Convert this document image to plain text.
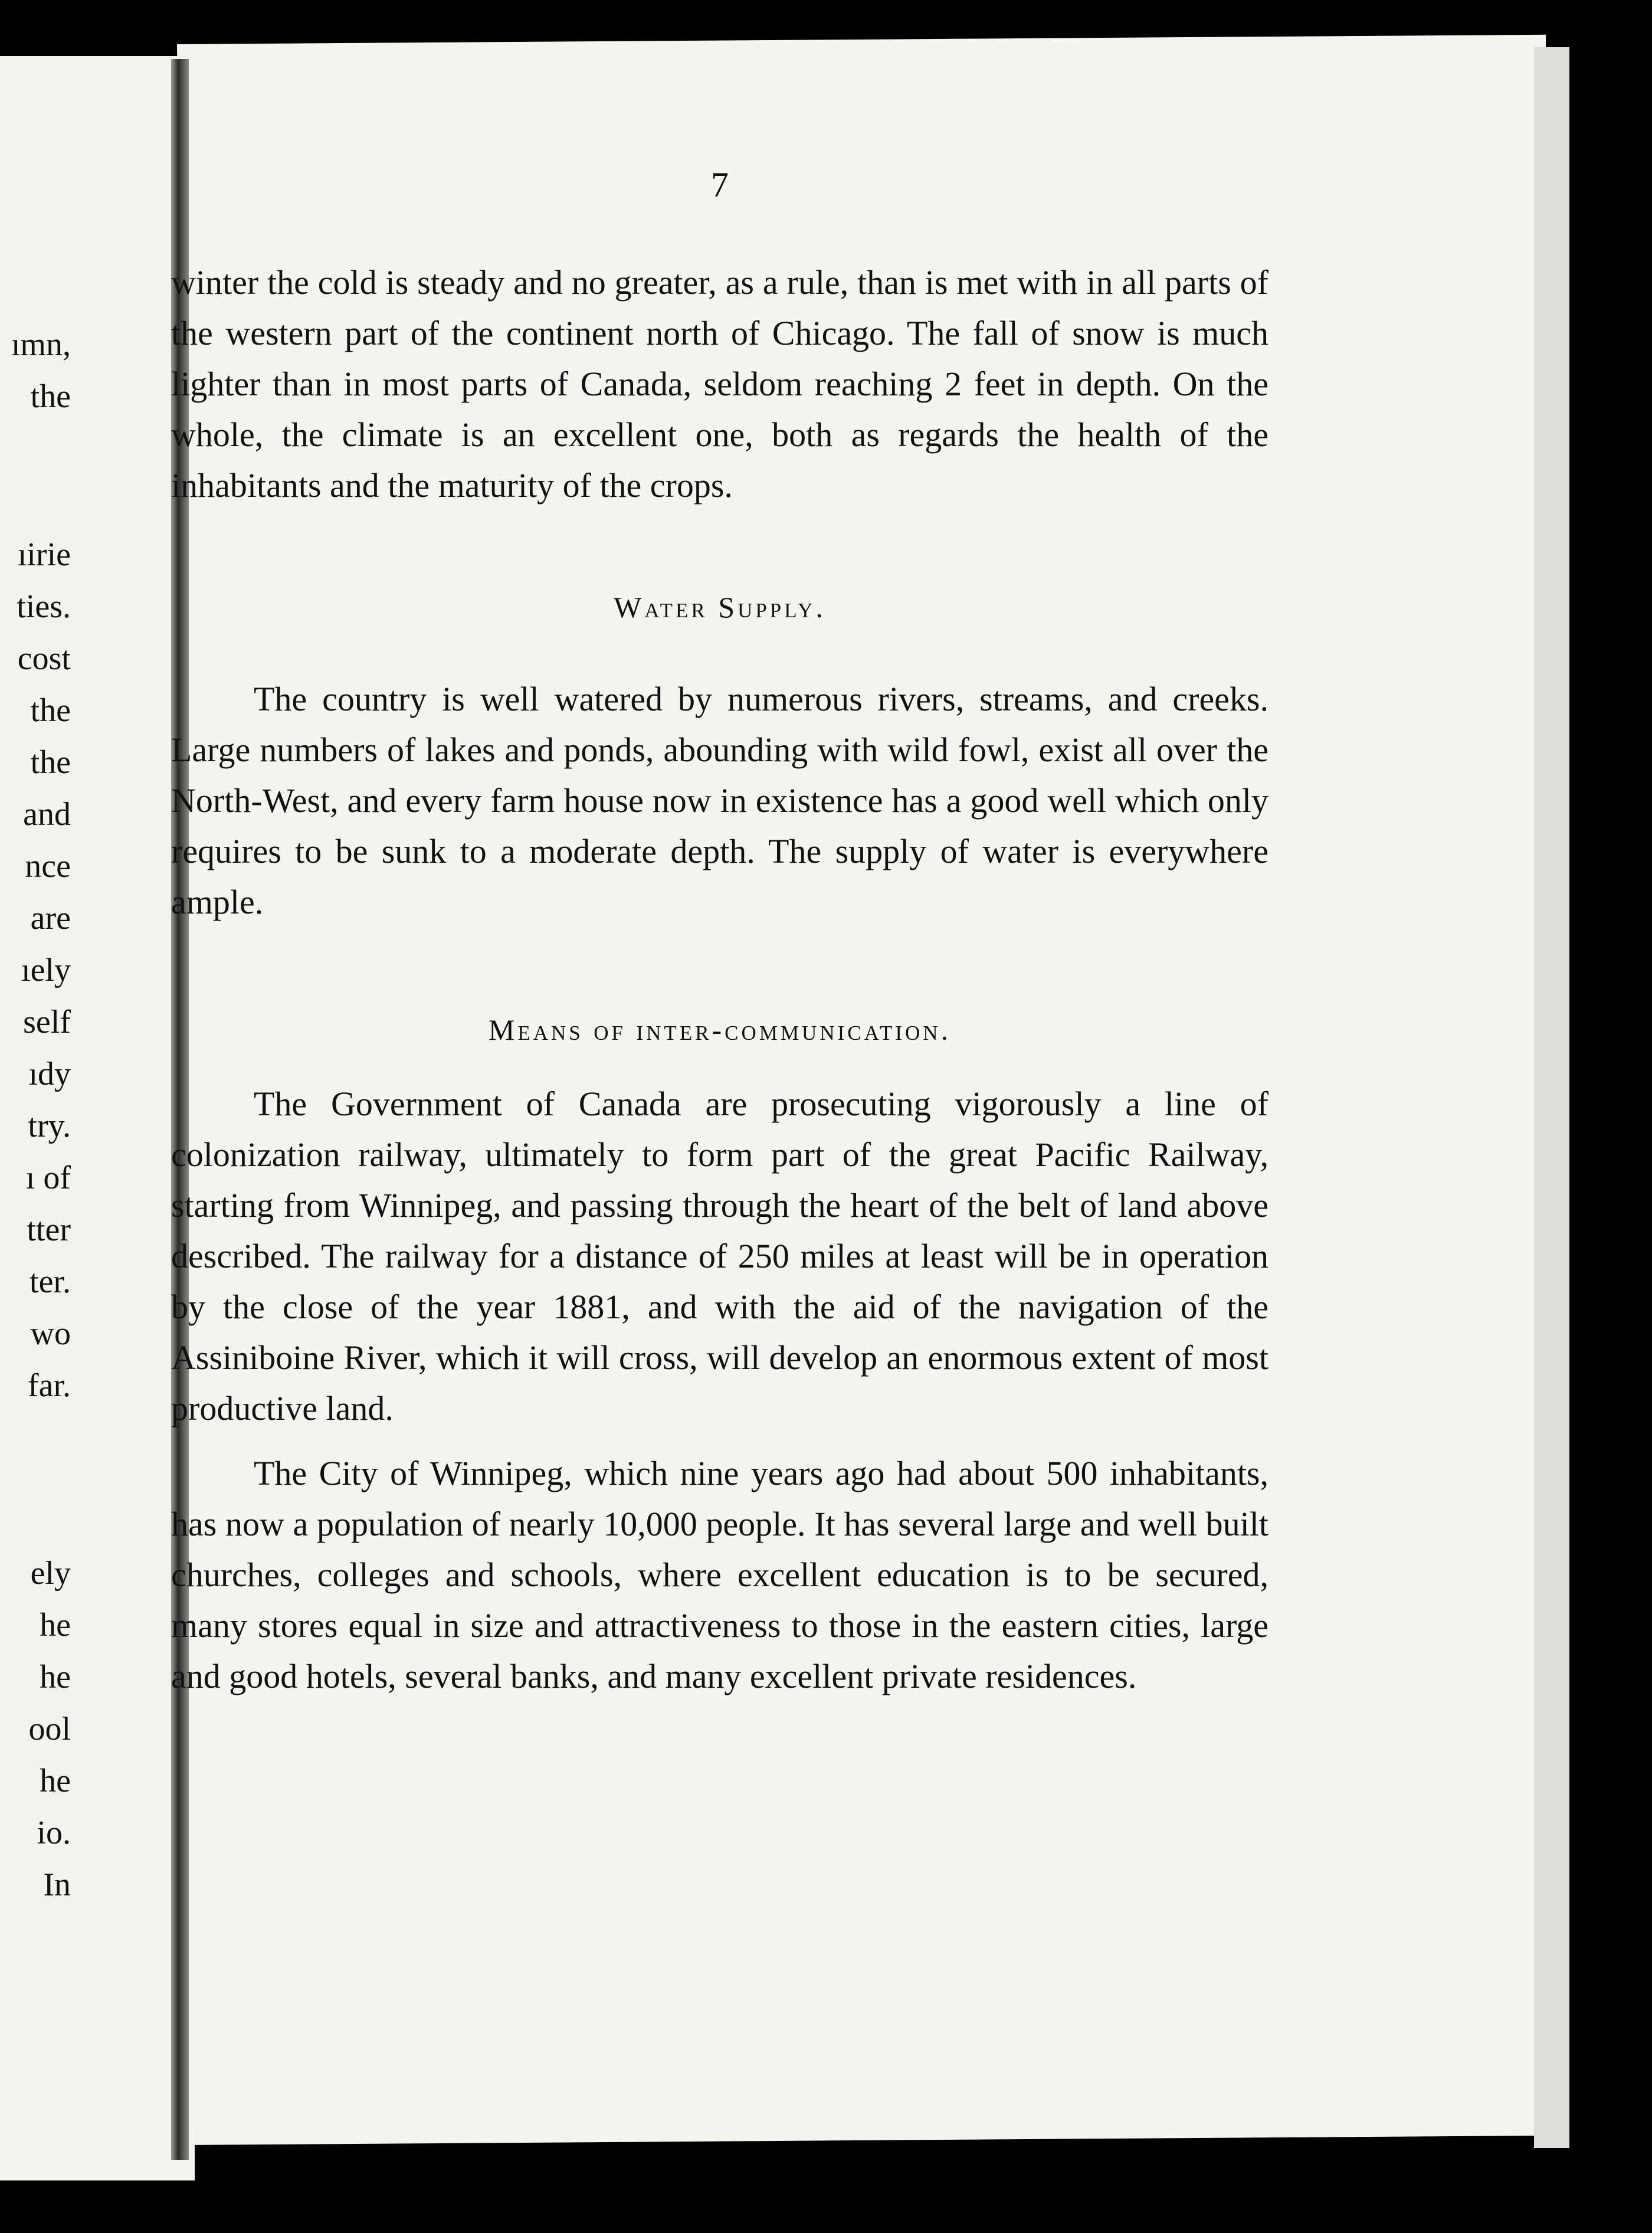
ımn,
the
ıirie
ties.
cost
the
the
and
nce
are
ıely
self
ıdy
try.
ı of
tter
ter.
wo
far.
ely
he
he
ool
he
io.
In
7

winter the cold is steady and no greater, as a rule, than is met with in all parts of the western part of the continent north of Chicago. The fall of snow is much lighter than in most parts of Canada, seldom reaching 2 feet in depth. On the whole, the climate is an excellent one, both as regards the health of the inhabitants and the maturity of the crops.

Water Supply.

The country is well watered by numerous rivers, streams, and creeks. Large numbers of lakes and ponds, abounding with wild fowl, exist all over the North-West, and every farm house now in existence has a good well which only requires to be sunk to a moderate depth. The supply of water is everywhere ample.

Means of inter-communication.

The Government of Canada are prosecuting vigorously a line of colonization railway, ultimately to form part of the great Pacific Railway, starting from Winnipeg, and passing through the heart of the belt of land above described. The railway for a distance of 250 miles at least will be in operation by the close of the year 1881, and with the aid of the navigation of the Assiniboine River, which it will cross, will develop an enormous extent of most productive land.

The City of Winnipeg, which nine years ago had about 500 inhabitants, has now a population of nearly 10,000 people. It has several large and well built churches, colleges and schools, where excellent education is to be secured, many stores equal in size and attractiveness to those in the eastern cities, large and good hotels, several banks, and many excellent private residences.
